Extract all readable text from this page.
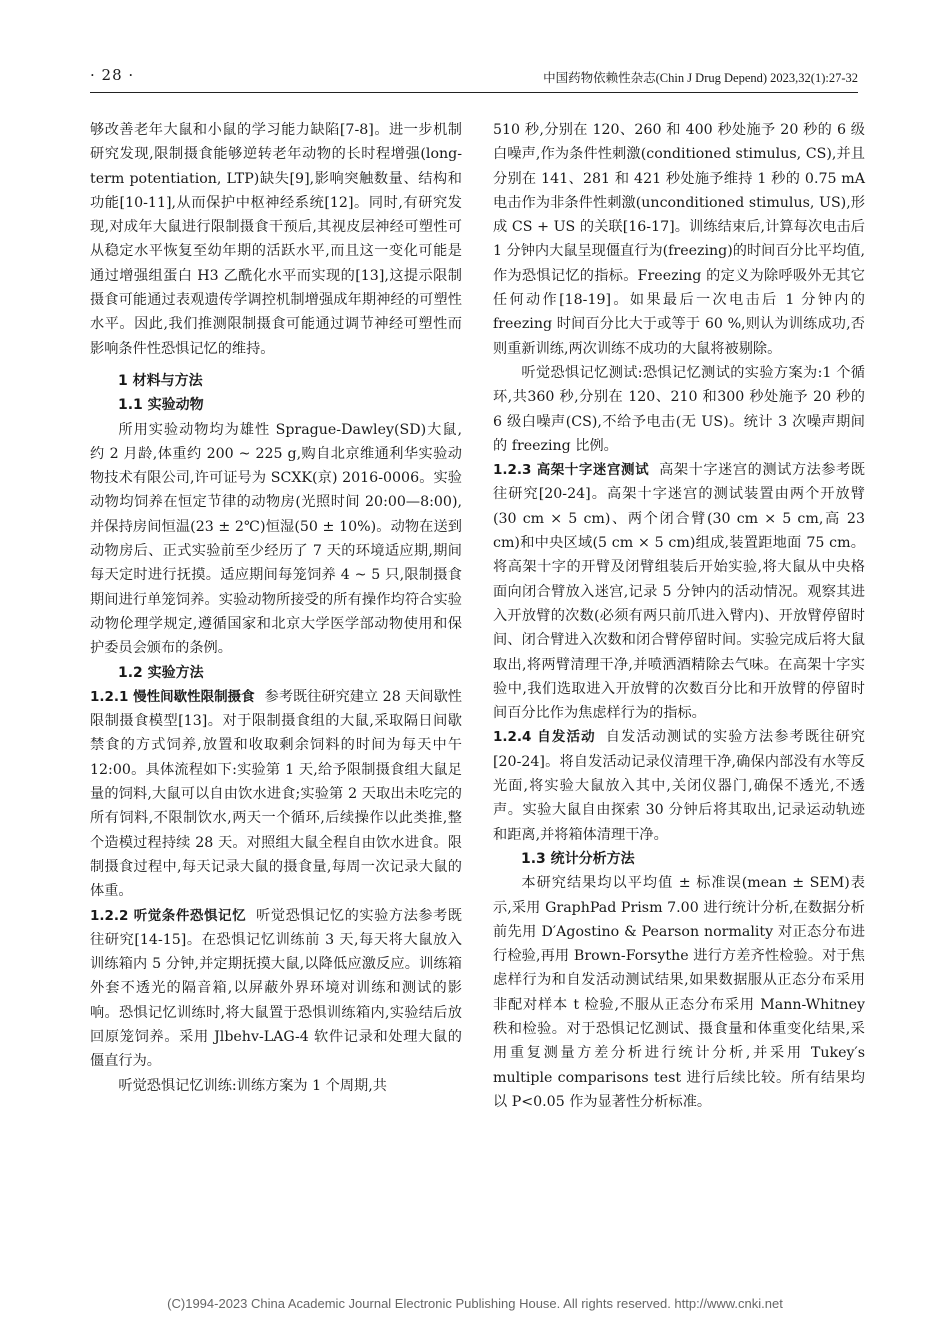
· 28 ·	中国药物依赖性杂志(Chin J Drug Depend) 2023,32(1):27-32

够改善老年大鼠和小鼠的学习能力缺陷[7-8]。进一步机制研究发现,限制摄食能够逆转老年动物的长时程增强(long-term potentiation, LTP)缺失[9],影响突触数量、结构和功能[10-11],从而保护中枢神经系统[12]。同时,有研究发现,对成年大鼠进行限制摄食干预后,其视皮层神经可塑性可从稳定水平恢复至幼年期的活跃水平,而且这一变化可能是通过增强组蛋白 H3 乙酰化水平而实现的[13],这提示限制摄食可能通过表观遗传学调控机制增强成年期神经的可塑性水平。因此,我们推测限制摄食可能通过调节神经可塑性而影响条件性恐惧记忆的维持。

1 材料与方法

1.1 实验动物

所用实验动物均为雄性 Sprague-Dawley(SD)大鼠,约 2 月龄,体重约 200 ~ 225 g,购自北京维通利华实验动物技术有限公司,许可证号为 SCXK(京) 2016-0006。实验动物均饲养在恒定节律的动物房(光照时间 20:00—8:00),并保持房间恒温(23 ± 2℃)恒湿(50 ± 10%)。动物在送到动物房后、正式实验前至少经历了 7 天的环境适应期,期间每天定时进行抚摸。适应期间每笼饲养 4 ~ 5 只,限制摄食期间进行单笼饲养。实验动物所接受的所有操作均符合实验动物伦理学规定,遵循国家和北京大学医学部动物使用和保护委员会颁布的条例。

1.2 实验方法

1.2.1 慢性间歇性限制摄食 参考既往研究建立 28 天间歇性限制摄食模型[13]。对于限制摄食组的大鼠,采取隔日间歇禁食的方式饲养,放置和收取剩余饲料的时间为每天中午 12:00。具体流程如下:实验第 1 天,给予限制摄食组大鼠足量的饲料,大鼠可以自由饮水进食;实验第 2 天取出未吃完的所有饲料,不限制饮水,两天一个循环,后续操作以此类推,整个造模过程持续 28 天。对照组大鼠全程自由饮水进食。限制摄食过程中,每天记录大鼠的摄食量,每周一次记录大鼠的体重。

1.2.2 听觉条件恐惧记忆 听觉恐惧记忆的实验方法参考既往研究[14-15]。在恐惧记忆训练前 3 天,每天将大鼠放入训练箱内 5 分钟,并定期抚摸大鼠,以降低应激反应。训练箱外套不透光的隔音箱,以屏蔽外界环境对训练和测试的影响。恐惧记忆训练时,将大鼠置于恐惧训练箱内,实验结后放回原笼饲养。采用 Jlbehv-LAG-4 软件记录和处理大鼠的僵直行为。

听觉恐惧记忆训练:训练方案为 1 个周期,共

510 秒,分别在 120、260 和 400 秒处施予 20 秒的 6 级白噪声,作为条件性刺激(conditioned stimulus, CS),并且分别在 141、281 和 421 秒处施予维持 1 秒的 0.75 mA 电击作为非条件性刺激(unconditioned stimulus, US),形成 CS + US 的关联[16-17]。训练结束后,计算每次电击后 1 分钟内大鼠呈现僵直行为(freezing)的时间百分比平均值,作为恐惧记忆的指标。Freezing 的定义为除呼吸外无其它任何动作[18-19]。如果最后一次电击后 1 分钟内的 freezing 时间百分比大于或等于 60 %,则认为训练成功,否则重新训练,两次训练不成功的大鼠将被剔除。

听觉恐惧记忆测试:恐惧记忆测试的实验方案为:1 个循环,共360 秒,分别在 120、210 和300 秒处施予 20 秒的 6 级白噪声(CS),不给予电击(无 US)。统计 3 次噪声期间的 freezing 比例。

1.2.3 高架十字迷宫测试 高架十字迷宫的测试方法参考既往研究[20-24]。高架十字迷宫的测试装置由两个开放臂(30 cm × 5 cm)、两个闭合臂(30 cm × 5 cm,高 23 cm)和中央区域(5 cm × 5 cm)组成,装置距地面 75 cm。将高架十字的开臂及闭臂组装后开始实验,将大鼠从中央格面向闭合臂放入迷宫,记录 5 分钟内的活动情况。观察其进入开放臂的次数(必须有两只前爪进入臂内)、开放臂停留时间、闭合臂进入次数和闭合臂停留时间。实验完成后将大鼠取出,将两臂清理干净,并喷洒酒精除去气味。在高架十字实验中,我们选取进入开放臂的次数百分比和开放臂的停留时间百分比作为焦虑样行为的指标。

1.2.4 自发活动 自发活动测试的实验方法参考既往研究[20-24]。将自发活动记录仪清理干净,确保内部没有水等反光面,将实验大鼠放入其中,关闭仪器门,确保不透光,不透声。实验大鼠自由探索 30 分钟后将其取出,记录运动轨迹和距离,并将箱体清理干净。

1.3 统计分析方法

本研究结果均以平均值 ± 标准误(mean ± SEM)表示,采用 GraphPad Prism 7.00 进行统计分析,在数据分析前先用 D′Agostino & Pearson normality 对正态分布进行检验,再用 Brown-Forsythe 进行方差齐性检验。对于焦虑样行为和自发活动测试结果,如果数据服从正态分布采用非配对样本 t 检验,不服从正态分布采用 Mann-Whitney 秩和检验。对于恐惧记忆测试、摄食量和体重变化结果,采用重复测量方差分析进行统计分析,并采用 Tukey′s multiple comparisons test 进行后续比较。所有结果均以 P<0.05 作为显著性分析标准。

(C)1994-2023 China Academic Journal Electronic Publishing House. All rights reserved. http://www.cnki.net
